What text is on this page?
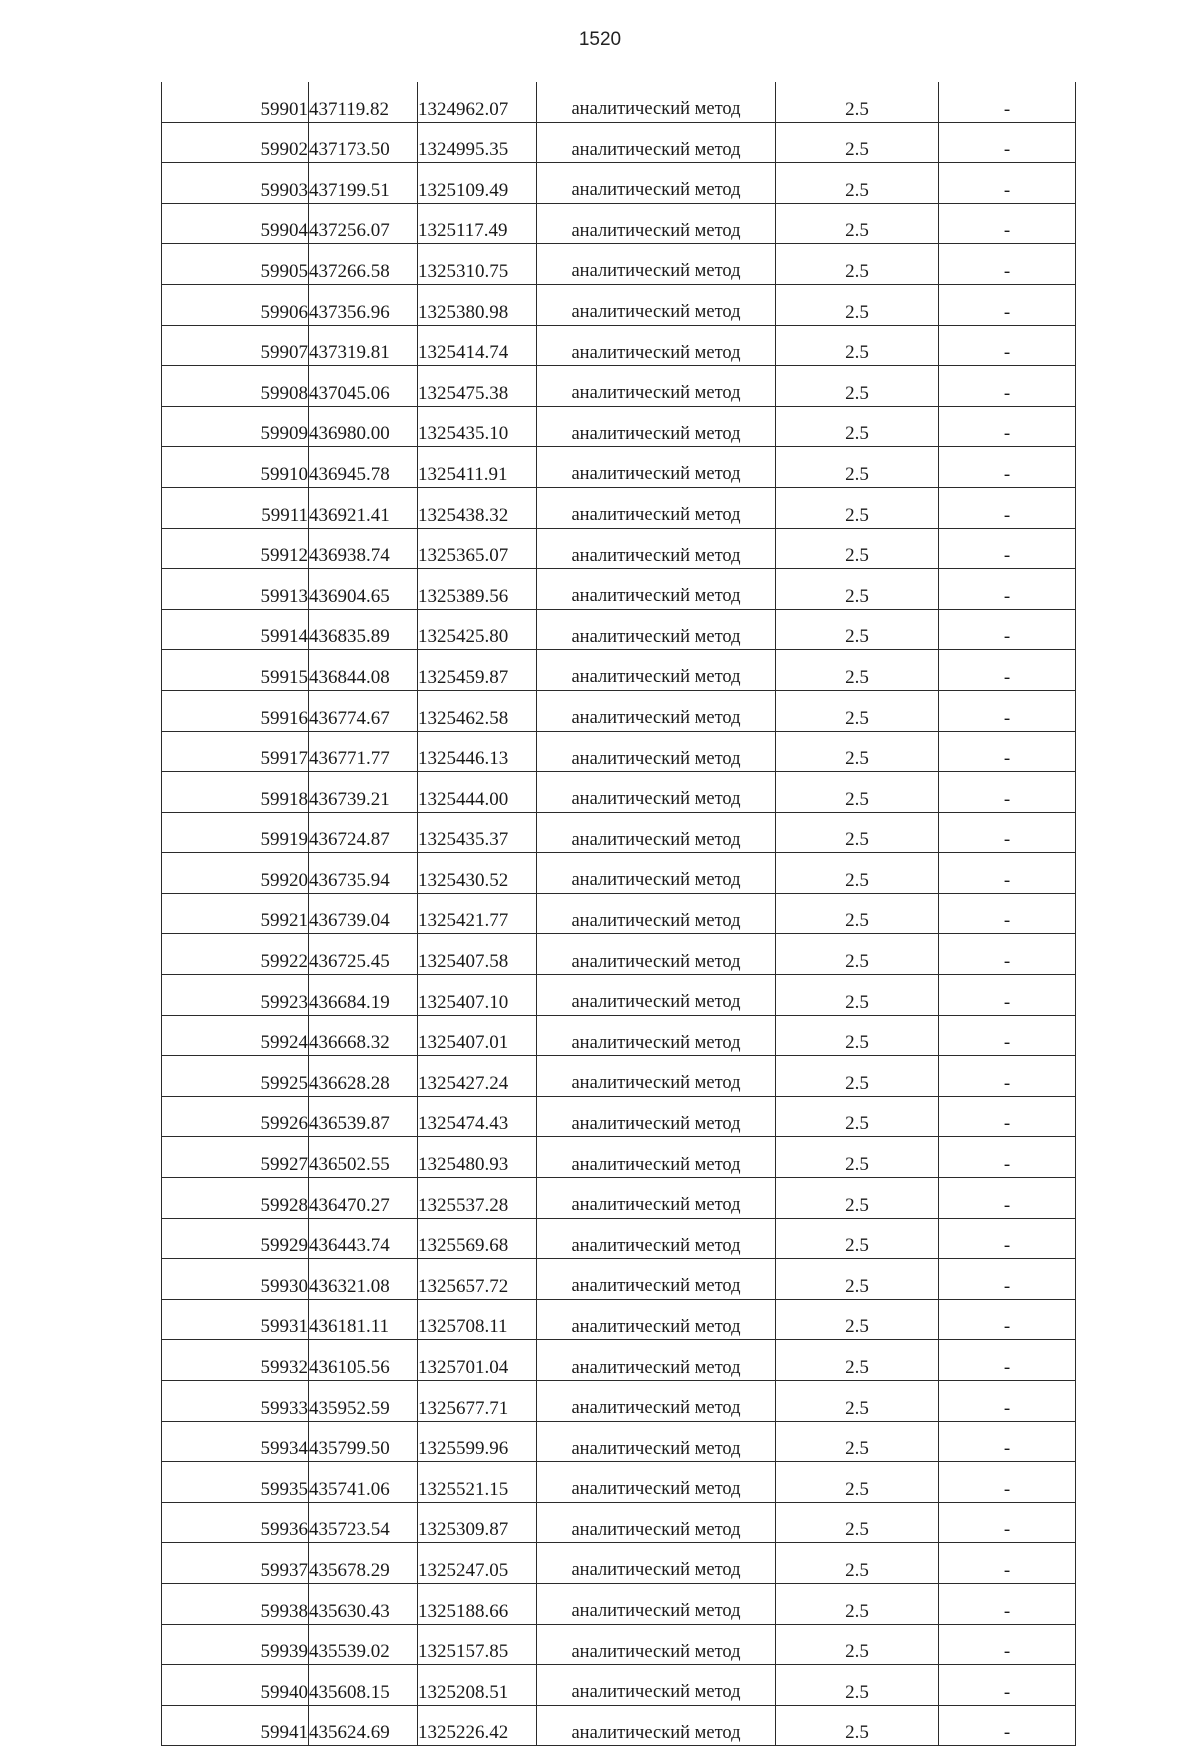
1520
59901	437119.82	1324962.07	аналитический метод	2.5	-
59902	437173.50	1324995.35	аналитический метод	2.5	-
59903	437199.51	1325109.49	аналитический метод	2.5	-
59904	437256.07	1325117.49	аналитический метод	2.5	-
59905	437266.58	1325310.75	аналитический метод	2.5	-
59906	437356.96	1325380.98	аналитический метод	2.5	-
59907	437319.81	1325414.74	аналитический метод	2.5	-
59908	437045.06	1325475.38	аналитический метод	2.5	-
59909	436980.00	1325435.10	аналитический метод	2.5	-
59910	436945.78	1325411.91	аналитический метод	2.5	-
59911	436921.41	1325438.32	аналитический метод	2.5	-
59912	436938.74	1325365.07	аналитический метод	2.5	-
59913	436904.65	1325389.56	аналитический метод	2.5	-
59914	436835.89	1325425.80	аналитический метод	2.5	-
59915	436844.08	1325459.87	аналитический метод	2.5	-
59916	436774.67	1325462.58	аналитический метод	2.5	-
59917	436771.77	1325446.13	аналитический метод	2.5	-
59918	436739.21	1325444.00	аналитический метод	2.5	-
59919	436724.87	1325435.37	аналитический метод	2.5	-
59920	436735.94	1325430.52	аналитический метод	2.5	-
59921	436739.04	1325421.77	аналитический метод	2.5	-
59922	436725.45	1325407.58	аналитический метод	2.5	-
59923	436684.19	1325407.10	аналитический метод	2.5	-
59924	436668.32	1325407.01	аналитический метод	2.5	-
59925	436628.28	1325427.24	аналитический метод	2.5	-
59926	436539.87	1325474.43	аналитический метод	2.5	-
59927	436502.55	1325480.93	аналитический метод	2.5	-
59928	436470.27	1325537.28	аналитический метод	2.5	-
59929	436443.74	1325569.68	аналитический метод	2.5	-
59930	436321.08	1325657.72	аналитический метод	2.5	-
59931	436181.11	1325708.11	аналитический метод	2.5	-
59932	436105.56	1325701.04	аналитический метод	2.5	-
59933	435952.59	1325677.71	аналитический метод	2.5	-
59934	435799.50	1325599.96	аналитический метод	2.5	-
59935	435741.06	1325521.15	аналитический метод	2.5	-
59936	435723.54	1325309.87	аналитический метод	2.5	-
59937	435678.29	1325247.05	аналитический метод	2.5	-
59938	435630.43	1325188.66	аналитический метод	2.5	-
59939	435539.02	1325157.85	аналитический метод	2.5	-
59940	435608.15	1325208.51	аналитический метод	2.5	-
59941	435624.69	1325226.42	аналитический метод	2.5	-
